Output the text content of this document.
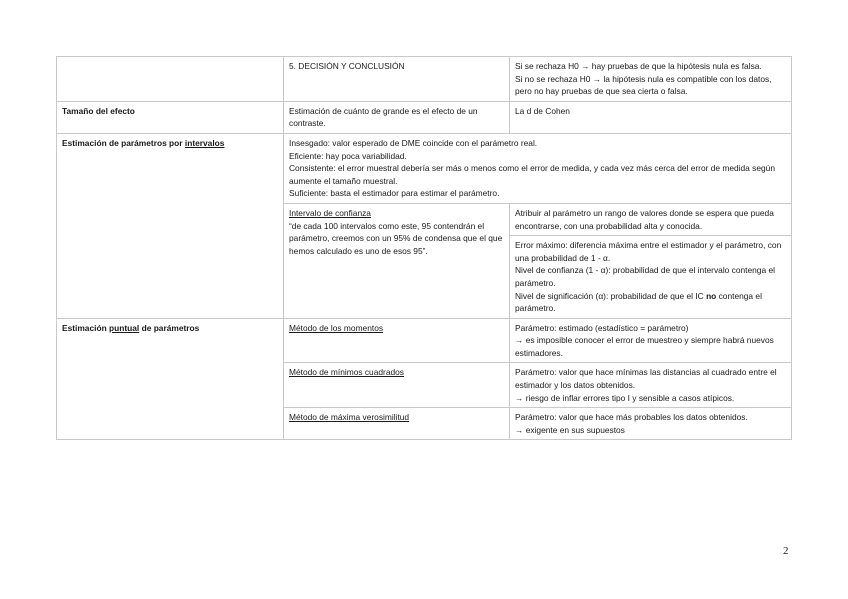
	5. DECISIÓN Y CONCLUSIÓN	Si se rechaza H0 → hay pruebas de que la hipótesis nula es falsa.
Si no se rechaza H0 → la hipótesis nula es compatible con los datos, pero no hay pruebas de que sea cierta o falsa.

Tamaño del efecto	Estimación de cuánto de grande es el efecto de un contraste.	La d de Cohen
Estimación de parámetros por intervalos	Insesgado: valor esperado de DME coincide con el parámetro real.
Eficiente: hay poca variabilidad.
Consistente: el error muestral debería ser más o menos como el error de medida, y cada vez más cerca del error de medida según aumente el tamaño muestral.
Suficiente: basta el estimador para estimar el parámetro.	

	Intervalo de confianza
“de cada 100 intervalos como este, 95 contendrán el parámetro, creemos con un 95% de condensa que el que hemos calculado es uno de esos 95”.	Atribuir al parámetro un rango de valores donde se espera que pueda encontrarse, con una probabilidad alta y conocida.

		Error máximo: diferencia máxima entre el estimador y el parámetro, con una probabilidad de 1 - α.
Nivel de confianza (1 - α): probabilidad de que el intervalo contenga el parámetro.
Nivel de significación (α): probabilidad de que el IC no contenga el parámetro.

Estimación puntual de parámetros	Método de los momentos	Parámetro: estimado (estadístico = parámetro)
→ es imposible conocer el error de muestreo y siempre habrá nuevos estimadores.

	Método de mínimos cuadrados	Parámetro: valor que hace mínimas las distancias al cuadrado entre el estimador y los datos obtenidos.
→ riesgo de inflar errores tipo I y sensible a casos atípicos.

	Método de máxima verosimilitud	Parámetro: valor que hace más probables los datos obtenidos.
→ exigente en sus supuestos
2
